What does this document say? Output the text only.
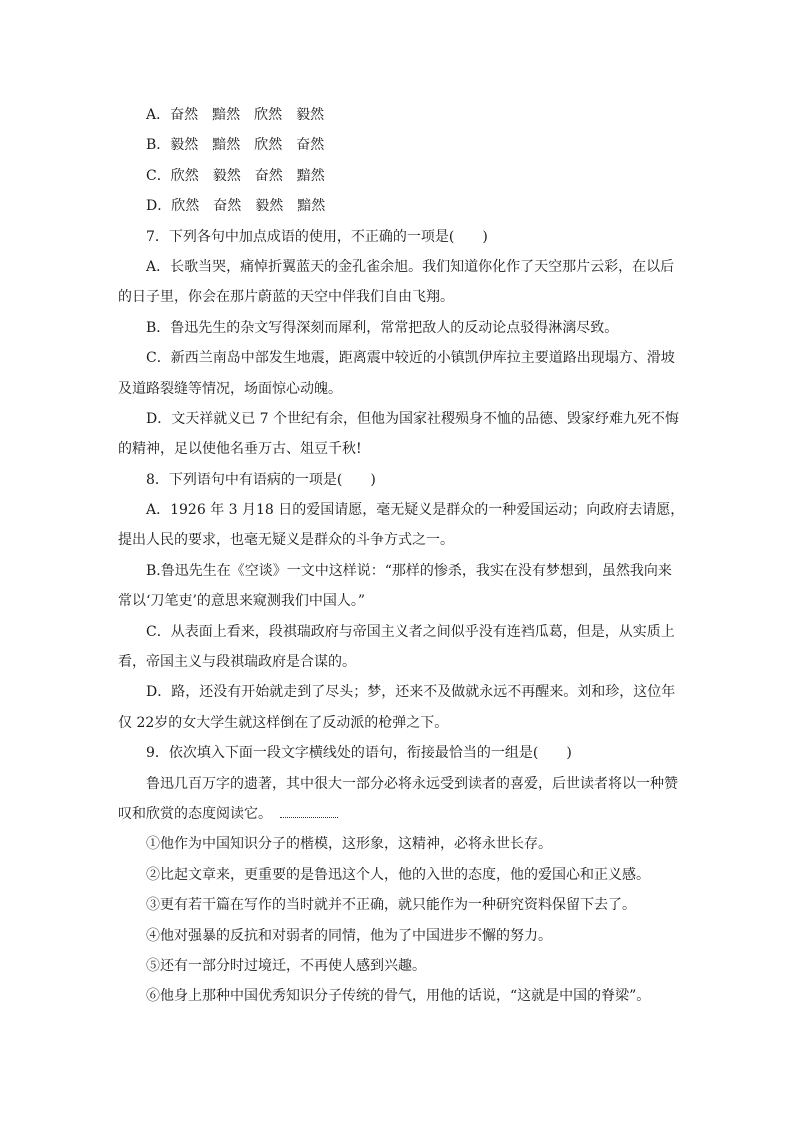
A．奋然 黯然 欣然 毅然
B．毅然 黯然 欣然 奋然
C．欣然 毅然 奋然 黯然
D．欣然 奋然 毅然 黯然
7．下列各句中加点成语的使用，不正确的一项是(　　)
A．长歌当哭，痛悼折翼蓝天的金孔雀余旭。我们知道你化作了天空那片云彩，在以后
的日子里，你会在那片蔚蓝的天空中伴我们自由飞翔。
B．鲁迅先生的杂文写得深刻而犀利，常常把敌人的反动论点驳得淋漓尽致。
C．新西兰南岛中部发生地震，距离震中较近的小镇凯伊库拉主要道路出现塌方、滑坡
及道路裂缝等情况，场面惊心动魄。
D．文天祥就义已 7 个世纪有余，但他为国家社稷殒身不恤的品德、毁家纾难九死不悔
的精神，足以使他名垂万古、俎豆千秋!
8．下列语句中有语病的一项是(　　)
A．1926 年 3 月18 日的爱国请愿，毫无疑义是群众的一种爱国运动；向政府去请愿，
提出人民的要求，也毫无疑义是群众的斗争方式之一。
B.鲁迅先生在《空谈》一文中这样说：“那样的惨杀，我实在没有梦想到，虽然我向来
常以‘刀笔吏’的意思来窥测我们中国人。”
C．从表面上看来，段祺瑞政府与帝国主义者之间似乎没有连裆瓜葛，但是，从实质上
看，帝国主义与段祺瑞政府是合谋的。
D．路，还没有开始就走到了尽头；梦，还来不及做就永远不再醒来。刘和珍，这位年
仅 22岁的女大学生就这样倒在了反动派的枪弹之下。
9．依次填入下面一段文字横线处的语句，衔接最恰当的一组是(　　)
鲁迅几百万字的遗著，其中很大一部分必将永远受到读者的喜爱，后世读者将以一种赞
叹和欣赏的态度阅读它。
①他作为中国知识分子的楷模，这形象，这精神，必将永世长存。
②比起文章来，更重要的是鲁迅这个人，他的入世的态度，他的爱国心和正义感。
③更有若干篇在写作的当时就并不正确，就只能作为一种研究资料保留下去了。
④他对强暴的反抗和对弱者的同情，他为了中国进步不懈的努力。
⑤还有一部分时过境迁，不再使人感到兴趣。
⑥他身上那种中国优秀知识分子传统的骨气，用他的话说，“这就是中国的脊梁”。
